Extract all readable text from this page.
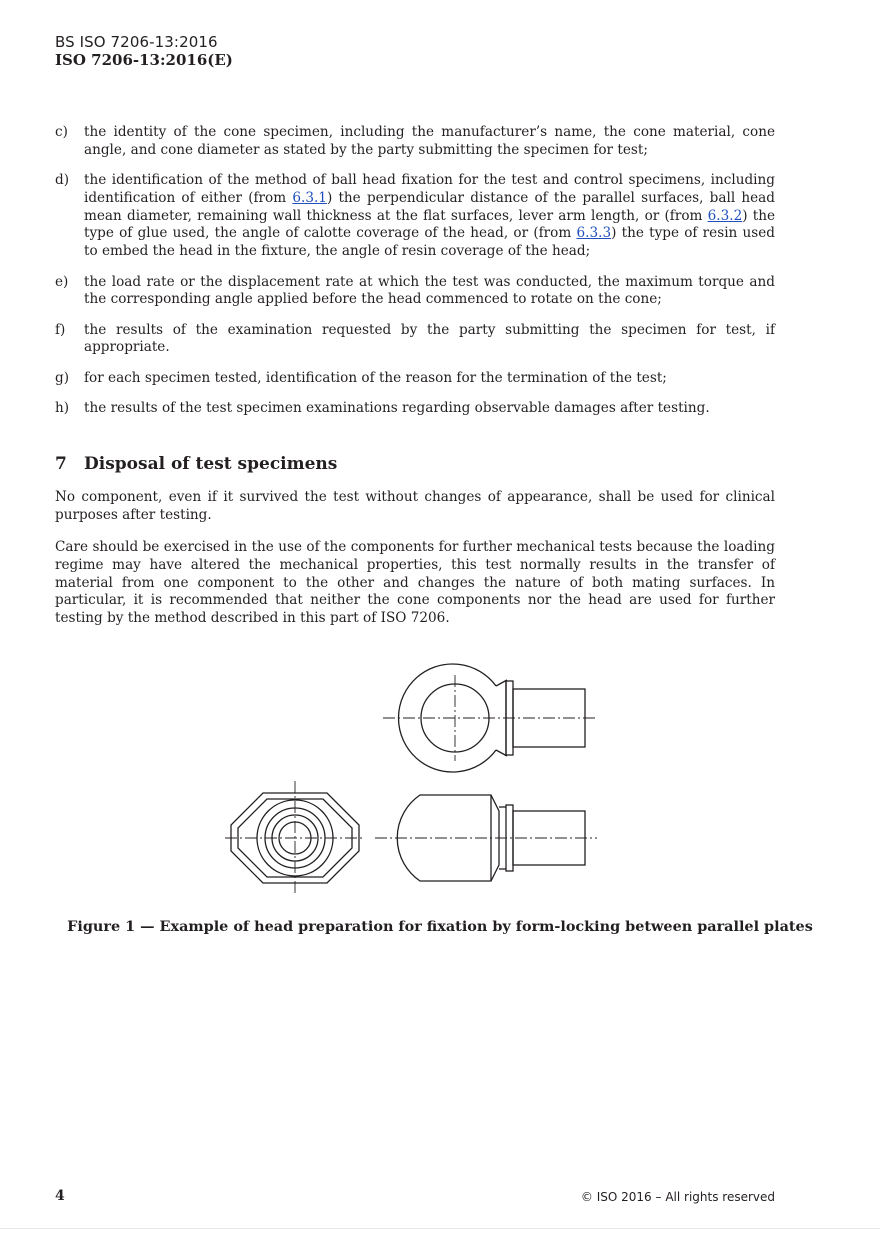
BS ISO 7206-13:2016
ISO 7206-13:2016(E)
c)	the identity of the cone specimen, including the manufacturer’s name, the cone material, cone angle, and cone diameter as stated by the party submitting the specimen for test;
d)	the identification of the method of ball head fixation for the test and control specimens, including identification of either (from 6.3.1) the perpendicular distance of the parallel surfaces, ball head mean diameter, remaining wall thickness at the flat surfaces, lever arm length, or (from 6.3.2) the type of glue used, the angle of calotte coverage of the head, or (from 6.3.3) the type of resin used to embed the head in the fixture, the angle of resin coverage of the head;
e)	the load rate or the displacement rate at which the test was conducted, the maximum torque and the corresponding angle applied before the head commenced to rotate on the cone;
f)	the results of the examination requested by the party submitting the specimen for test, if appropriate.
g)	for each specimen tested, identification of the reason for the termination of the test;
h)	the results of the test specimen examinations regarding observable damages after testing.
7 Disposal of test specimens
No component, even if it survived the test without changes of appearance, shall be used for clinical purposes after testing.
Care should be exercised in the use of the components for further mechanical tests because the loading regime may have altered the mechanical properties, this test normally results in the transfer of material from one component to the other and changes the nature of both mating surfaces. In particular, it is recommended that neither the cone components nor the head are used for further testing by the method described in this part of ISO 7206.
Figure 1 — Example of head preparation for fixation by form-locking between parallel plates
4	© ISO 2016 – All rights reserved
